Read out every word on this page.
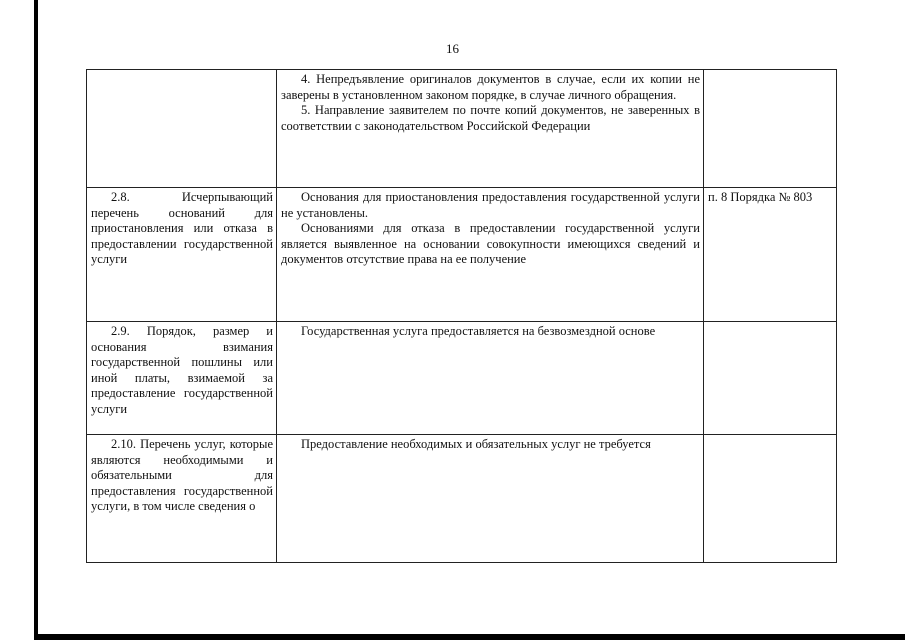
16

	4. Непредъявление оригиналов документов в случае, если их копии не заверены в установленном законом порядке, в случае личного обращения.

5. Направление заявителем по почте копий документов, не заверенных в соответствии с законодательством Российской Федерации	

2.8. Исчерпывающий перечень оснований для приостановления или отказа в предоставлении государственной услуги	Основания для приостановления предоставления государственной услуги не установлены.

Основаниями для отказа в предоставлении государственной услуги является выявленное на основании совокупности имеющихся сведений и документов отсутствие права на ее получение	п. 8 Порядка № 803

2.9. Порядок, размер и основания взимания государственной пошлины или иной платы, взимаемой за предоставление государственной услуги	Государственная услуга предоставляется на безвозмездной основе	

2.10. Перечень услуг, которые являются необходимыми и обязательными для предоставления государственной услуги, в том числе сведения о	Предоставление необходимых и обязательных услуг не требуется	
